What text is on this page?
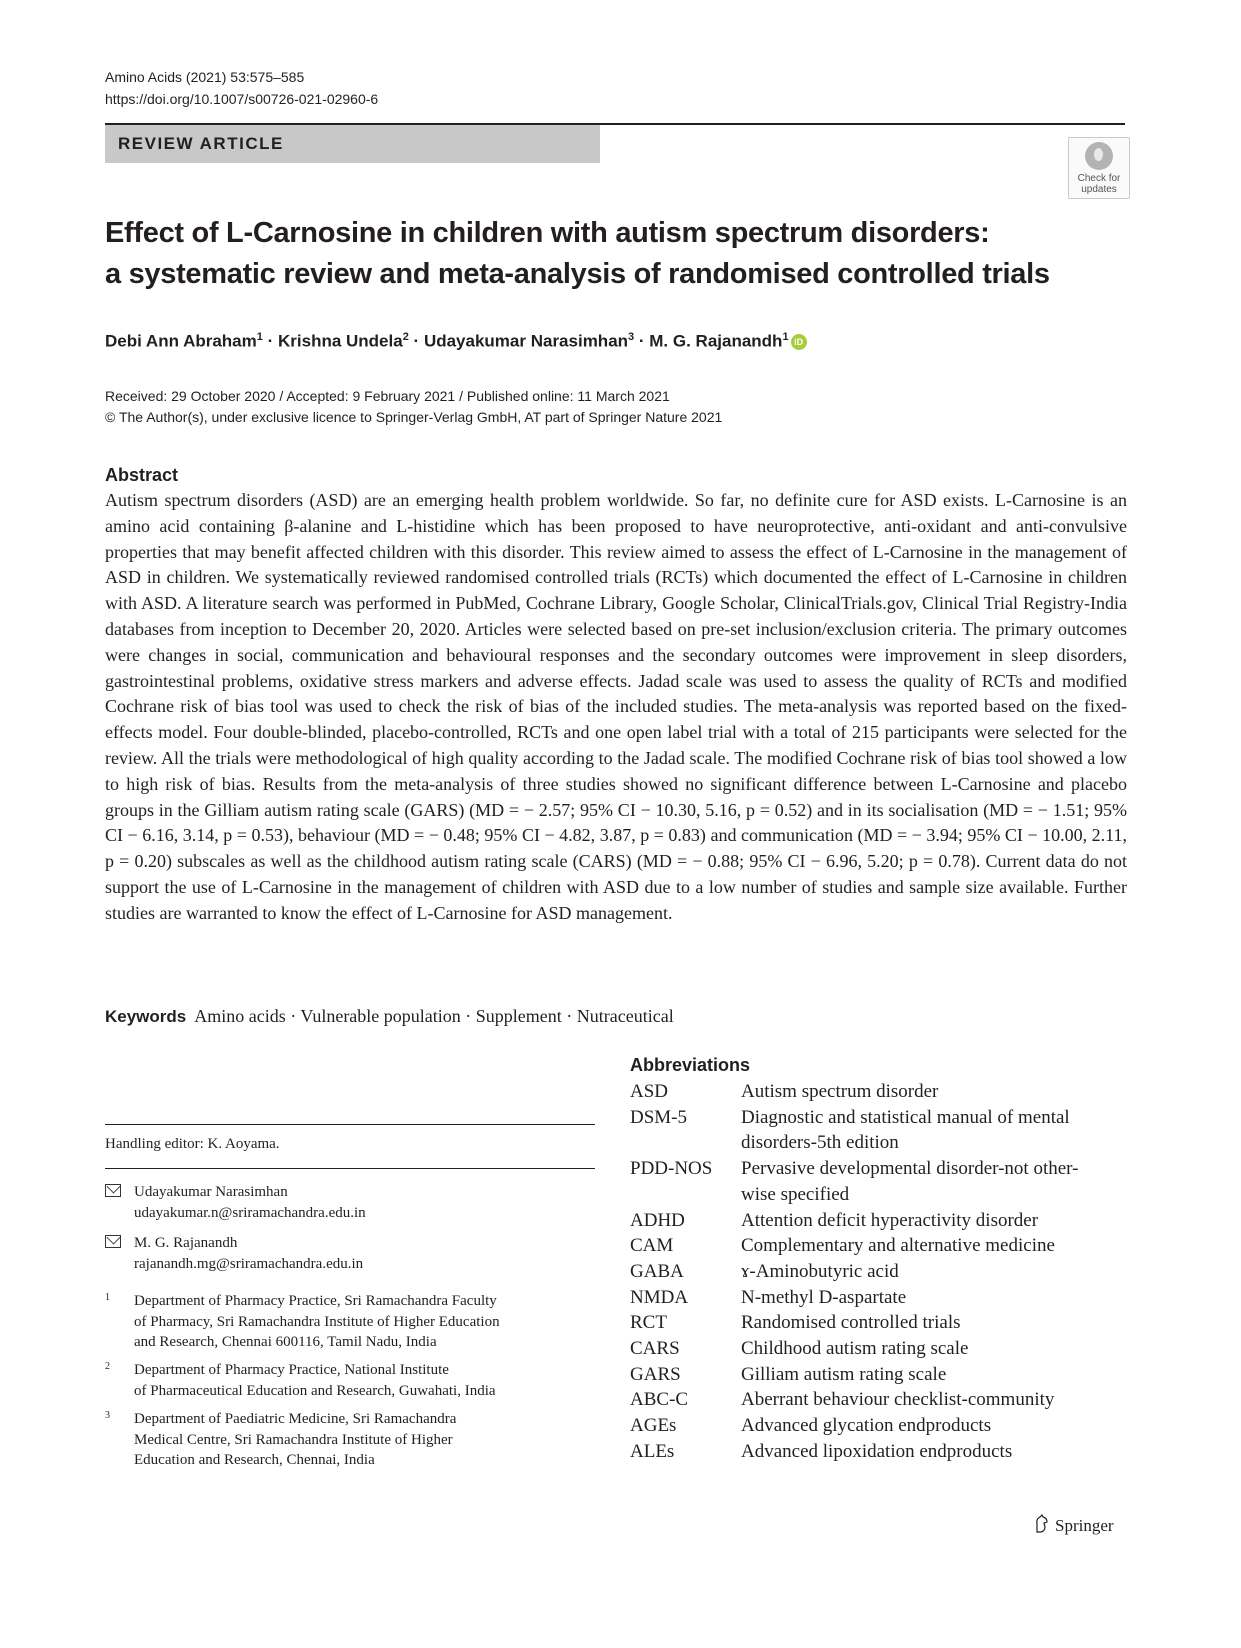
Amino Acids (2021) 53:575–585
https://doi.org/10.1007/s00726-021-02960-6
REVIEW ARTICLE
Check for
updates
Effect of L-Carnosine in children with autism spectrum disorders:
a systematic review and meta-analysis of randomised controlled trials
Debi Ann Abraham$^1$ · Krishna Undela$^2$ · Udayakumar Narasimhan$^3$ · M. G. Rajanandh$^1$ iD
Received: 29 October 2020 / Accepted: 9 February 2021 / Published online: 11 March 2021
© The Author(s), under exclusive licence to Springer-Verlag GmbH, AT part of Springer Nature 2021
Abstract
Autism spectrum disorders (ASD) are an emerging health problem worldwide. So far, no definite cure for ASD exists. L-Carnosine is an amino acid containing β-alanine and L-histidine which has been proposed to have neuroprotective, anti-oxidant and anti-convulsive properties that may benefit affected children with this disorder. This review aimed to assess the effect of L-Carnosine in the management of ASD in children. We systematically reviewed randomised controlled trials (RCTs) which documented the effect of L-Carnosine in children with ASD. A literature search was performed in PubMed, Cochrane Library, Google Scholar, ClinicalTrials.gov, Clinical Trial Registry-India databases from inception to December 20, 2020. Articles were selected based on pre-set inclusion/exclusion criteria. The primary outcomes were changes in social, communication and behavioural responses and the secondary outcomes were improvement in sleep disorders, gastrointestinal problems, oxidative stress markers and adverse effects. Jadad scale was used to assess the quality of RCTs and modified Cochrane risk of bias tool was used to check the risk of bias of the included studies. The meta-analysis was reported based on the fixed-effects model. Four double-blinded, placebo-controlled, RCTs and one open label trial with a total of 215 participants were selected for the review. All the trials were methodological of high quality according to the Jadad scale. The modified Cochrane risk of bias tool showed a low to high risk of bias. Results from the meta-analysis of three studies showed no significant difference between L-Carnosine and placebo groups in the Gilliam autism rating scale (GARS) (MD = − 2.57; 95% CI − 10.30, 5.16, p = 0.52) and in its socialisation (MD = − 1.51; 95% CI − 6.16, 3.14, p = 0.53), behaviour (MD = − 0.48; 95% CI − 4.82, 3.87, p = 0.83) and communication (MD = − 3.94; 95% CI − 10.00, 2.11, p = 0.20) subscales as well as the childhood autism rating scale (CARS) (MD = − 0.88; 95% CI − 6.96, 5.20; p = 0.78). Current data do not support the use of L-Carnosine in the management of children with ASD due to a low number of studies and sample size available. Further studies are warranted to know the effect of L-Carnosine for ASD management.
Keywords Amino acids · Vulnerable population · Supplement · Nutraceutical
Handling editor: K. Aoyama.
Udayakumar Narasimhan
udayakumar.n@sriramachandra.edu.in
M. G. Rajanandh
rajanandh.mg@sriramachandra.edu.in
1 Department of Pharmacy Practice, Sri Ramachandra Faculty
of Pharmacy, Sri Ramachandra Institute of Higher Education
and Research, Chennai 600116, Tamil Nadu, India
2 Department of Pharmacy Practice, National Institute
of Pharmaceutical Education and Research, Guwahati, India
3 Department of Paediatric Medicine, Sri Ramachandra
Medical Centre, Sri Ramachandra Institute of Higher
Education and Research, Chennai, India
Abbreviations
ASD	Autism spectrum disorder
DSM-5	Diagnostic and statistical manual of mental
disorders-5th edition
PDD-NOS	Pervasive developmental disorder-not other-
wise specified
ADHD	Attention deficit hyperactivity disorder
CAM	Complementary and alternative medicine
GABA	ɤ-Aminobutyric acid
NMDA	N-methyl D-aspartate
RCT	Randomised controlled trials
CARS	Childhood autism rating scale
GARS	Gilliam autism rating scale
ABC-C	Aberrant behaviour checklist-community
AGEs	Advanced glycation endproducts
ALEs	Advanced lipoxidation endproducts
Springer
